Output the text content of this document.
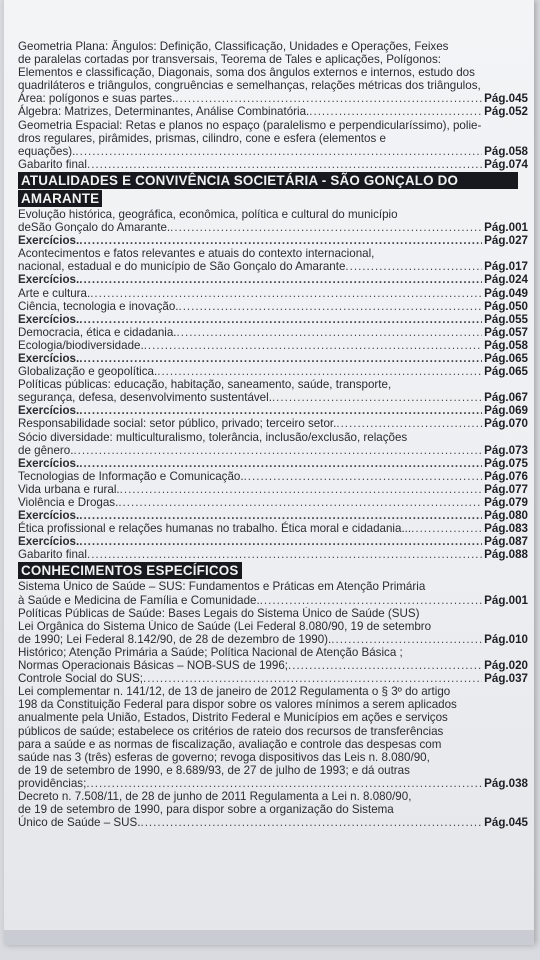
Geometria Plana: Ângulos: Definição, Classificação, Unidades e Operações, Feixes
de paralelas cortadas por transversais, Teorema de Tales e aplicações, Polígonos:
Elementos e classificação, Diagonais, soma dos ângulos externos e internos, estudo dos
quadriláteros e triângulos, congruências e semelhanças, relações métricas dos triângulos,
Área: polígonos e suas partes. .....	Pág.045
Álgebra: Matrizes, Determinantes, Análise Combinatória. .....	Pág.052
Geometria Espacial: Retas e planos no espaço (paralelismo e perpendicularíssimo), polie-
dros regulares, pirâmides, prismas, cilindro, cone e esfera (elementos e
equações). .....	Pág.058
Gabarito final .....	Pág.074
ATUALIDADES E CONVIVÊNCIA SOCIETÁRIA - SÃO GONÇALO DO
AMARANTE
Evolução histórica, geográfica, econômica, política e cultural do município
deSão Gonçalo do Amarante. .....	Pág.001
Exercícios. .....	Pág.027
Acontecimentos e fatos relevantes e atuais do contexto internacional,
nacional, estadual e do município de São Gonçalo do Amarante .....	Pág.017
Exercícios. .....	Pág.024
Arte e cultura. .....	Pág.049
Ciência, tecnologia e inovação. .....	Pág.050
Exercícios. .....	Pág.055
Democracia, ética e cidadania. .....	Pág.057
Ecologia/biodiversidade. .....	Pág.058
Exercícios. .....	Pág.065
Globalização e geopolítica. .....	Pág.065
Políticas públicas: educação, habitação, saneamento, saúde, transporte,
segurança, defesa, desenvolvimento sustentável. .....	Pág.067
Exercícios. .....	Pág.069
Responsabilidade social: setor público, privado; terceiro setor. .....	Pág.070
Sócio diversidade: multiculturalismo, tolerância, inclusão/exclusão, relações
de gênero. .....	Pág.073
Exercícios. .....	Pág.075
Tecnologias de Informação e Comunicação. .....	Pág.076
Vida urbana e rural. .....	Pág.077
Violência e Drogas. .....	Pág.079
Exercícios. .....	Pág.080
Ética profissional e relações humanas no trabalho. Ética moral e cidadania... .....	Pág.083
Exercícios. .....	Pág.087
Gabarito final .....	Pág.088
CONHECIMENTOS ESPECÍFICOS
Sistema Único de Saúde – SUS: Fundamentos e Práticas em Atenção Primária
à Saúde e Medicina de Família e Comunidade. .....	Pág.001
Políticas Públicas de Saúde: Bases Legais do Sistema Único de Saúde (SUS)
Lei Orgânica do Sistema Único de Saúde (Lei Federal 8.080/90, 19 de setembro
de 1990; Lei Federal 8.142/90, de 28 de dezembro de 1990). .....	Pág.010
Histórico; Atenção Primária a Saúde; Política Nacional de Atenção Básica ;
Normas Operacionais Básicas – NOB-SUS de 1996; .....	Pág.020
Controle Social do SUS; .....	Pág.037
Lei complementar n. 141/12, de 13 de janeiro de 2012 Regulamenta o § 3º do artigo
198 da Constituição Federal para dispor sobre os valores mínimos a serem aplicados
anualmente pela União, Estados, Distrito Federal e Municípios em ações e serviços
públicos de saúde; estabelece os critérios de rateio dos recursos de transferências
para a saúde e as normas de fiscalização, avaliação e controle das despesas com
saúde nas 3 (três) esferas de governo; revoga dispositivos das Leis n. 8.080/90,
de 19 de setembro de 1990, e 8.689/93, de 27 de julho de 1993; e dá outras
providências; .....	Pág.038
Decreto n. 7.508/11, de 28 de junho de 2011 Regulamenta a Lei n. 8.080/90,
de 19 de setembro de 1990, para dispor sobre a organização do Sistema
Único de Saúde – SUS. .....	Pág.045
